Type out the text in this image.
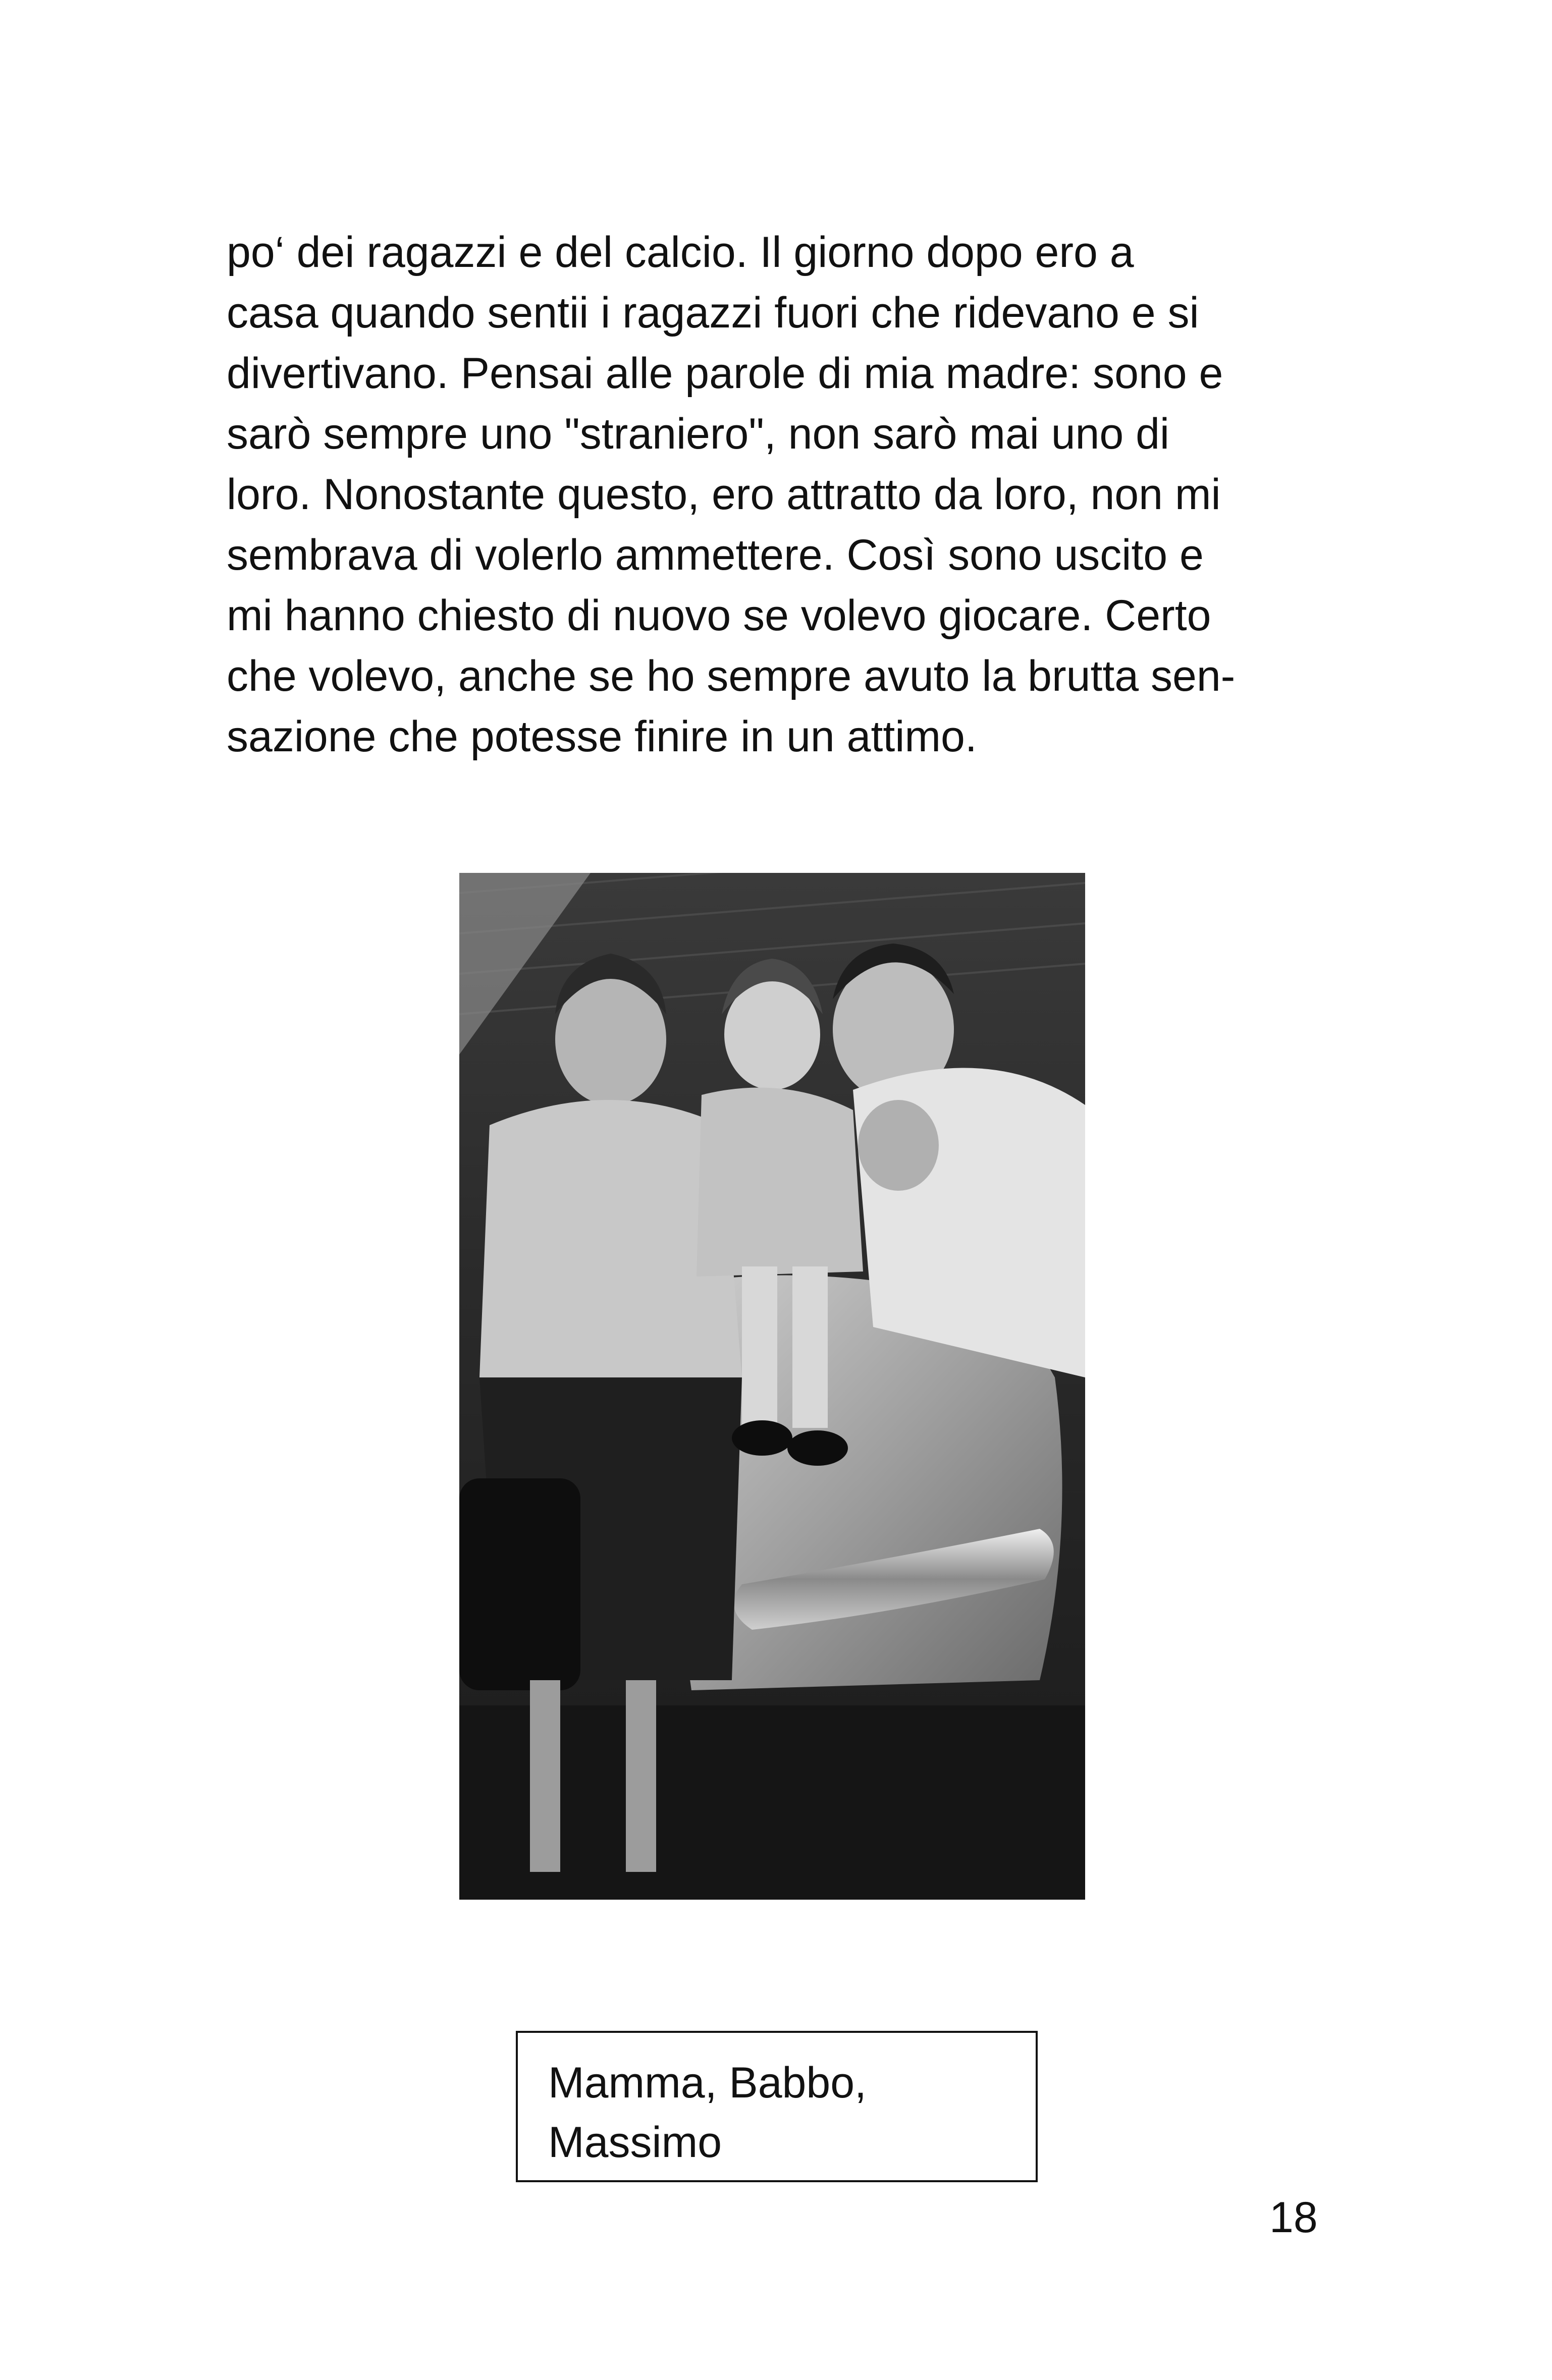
po‘ dei ragazzi e del calcio. Il giorno dopo ero a
casa quando sentii i ragazzi fuori che ridevano e si
divertivano. Pensai alle parole di mia madre: sono e
sarò sempre uno "straniero", non sarò mai uno di
loro. Nonostante questo, ero attratto da loro, non mi
sembrava di volerlo ammettere. Così sono uscito e
mi hanno chiesto di nuovo se volevo giocare. Certo
che volevo, anche se ho sempre avuto la brutta sen-
sazione che potesse finire in un attimo.
Mamma, Babbo,
Massimo
18
